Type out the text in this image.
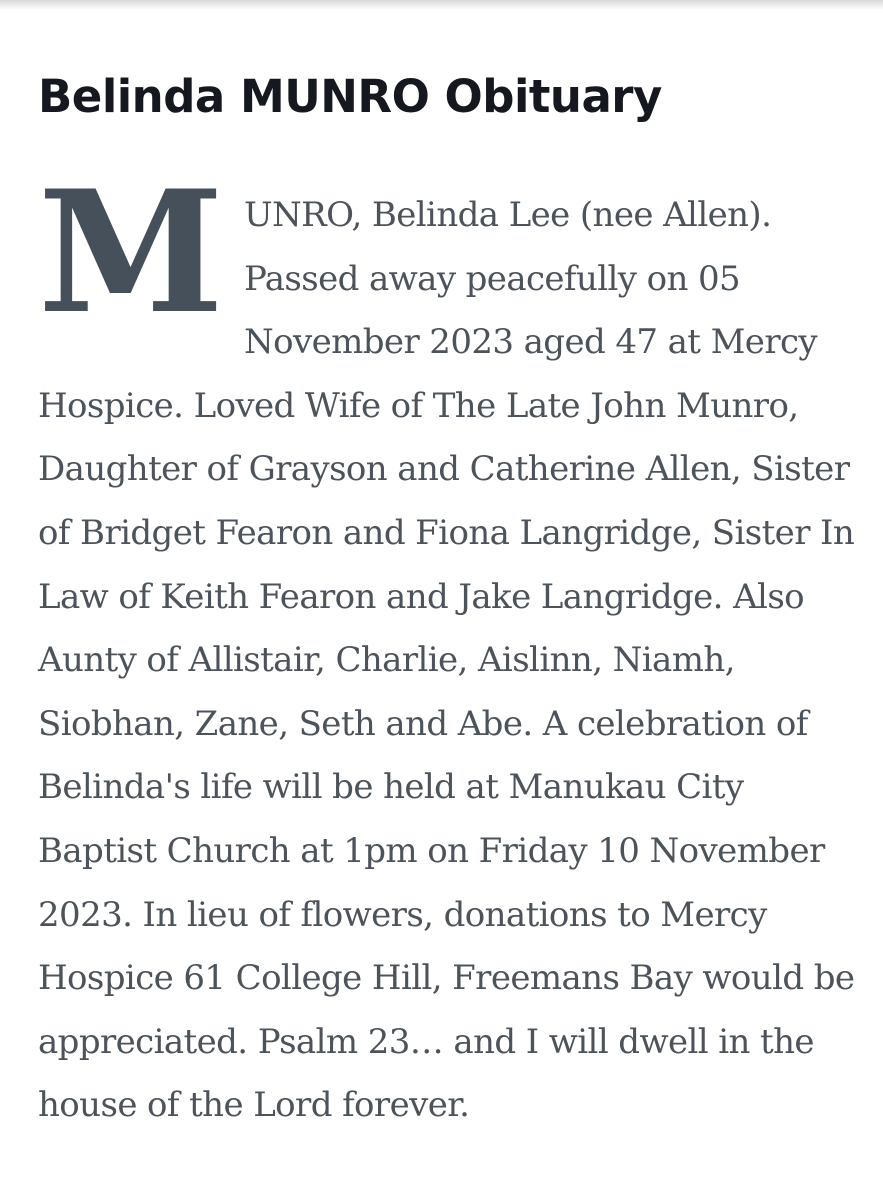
Belinda MUNRO Obituary

MUNRO, Belinda Lee (nee Allen). Passed away peacefully on 05 November 2023 aged 47 at Mercy Hospice. Loved Wife of The Late John Munro, Daughter of Grayson and Catherine Allen, Sister of Bridget Fearon and Fiona Langridge, Sister In Law of Keith Fearon and Jake Langridge. Also Aunty of Allistair, Charlie, Aislinn, Niamh, Siobhan, Zane, Seth and Abe. A celebration of Belinda's life will be held at Manukau City Baptist Church at 1pm on Friday 10 November 2023. In lieu of flowers, donations to Mercy Hospice 61 College Hill, Freemans Bay would be appreciated. Psalm 23… and I will dwell in the house of the Lord forever.
